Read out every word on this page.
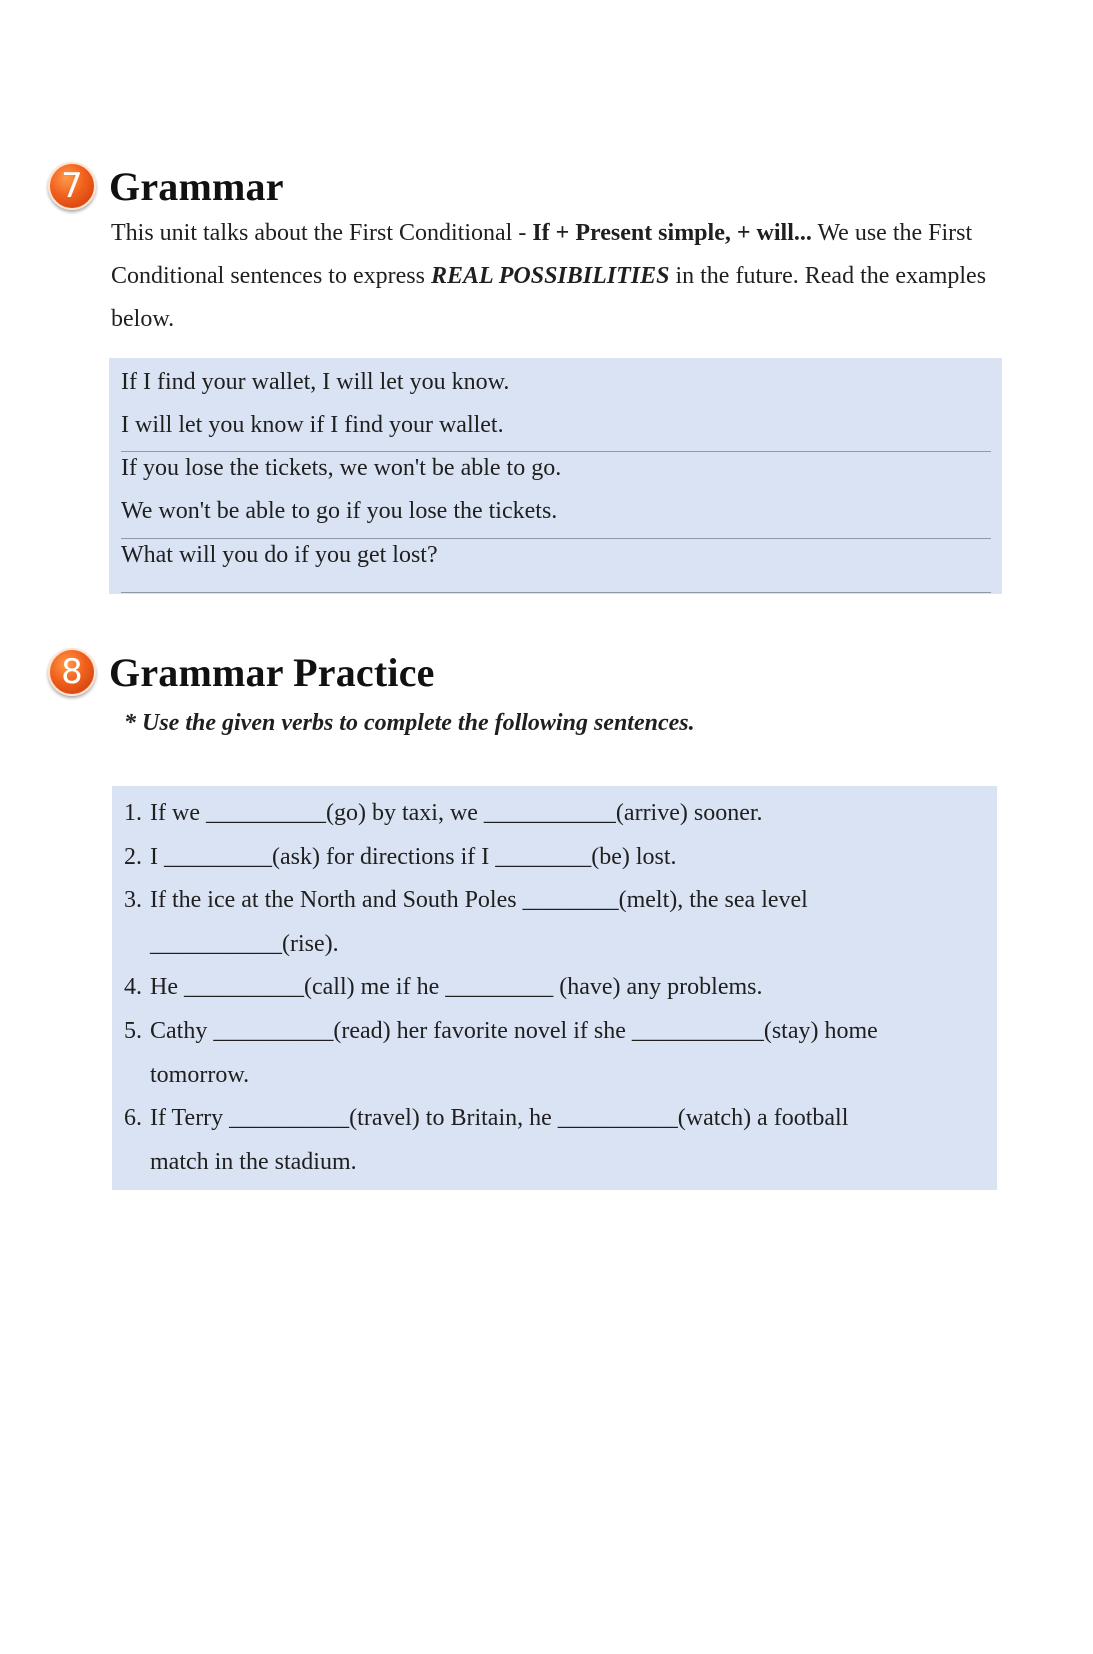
7 Grammar
This unit talks about the First Conditional - If + Present simple, + will... We use the First Conditional sentences to express REAL POSSIBILITIES in the future. Read the examples below.
If I find your wallet, I will let you know.
I will let you know if I find your wallet.
If you lose the tickets, we won't be able to go.
We won't be able to go if you lose the tickets.
What will you do if you get lost?
8 Grammar Practice
* Use the given verbs to complete the following sentences.
1. If we __________(go) by taxi, we ___________(arrive) sooner.
2. I _________(ask) for directions if I ________(be) lost.
3. If the ice at the North and South Poles ________(melt), the sea level
___________(rise).
4. He __________(call) me if he _________ (have) any problems.
5. Cathy __________(read) her favorite novel if she ___________(stay) home
tomorrow.
6. If Terry __________(travel) to Britain, he __________(watch) a football
match in the stadium.
